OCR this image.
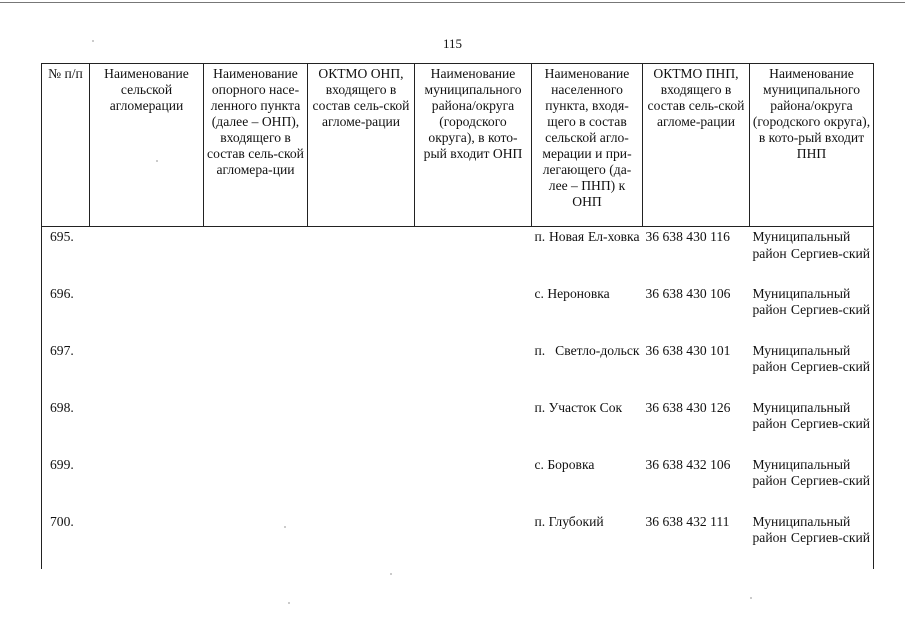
115
№ п/п	Наименование сельской агломерации	Наименование опорного насе-ленного пункта (далее – ОНП), входящего в состав сель-ской агломера-ции	ОКТМО ОНП, входящего в состав сель-ской агломе-рации	Наименование муниципального района/округа (городского округа), в кото-рый входит ОНП	Наименование населенного пункта, входя-щего в состав сельской агло-мерации и при-легающего (да-лее – ПНП) к ОНП	ОКТМО ПНП, входящего в состав сель-ской агломе-рации	Наименование муниципального района/округа (городского округа), в кото-рый входит ПНП
695.					п. Новая Ел-ховка	36 638 430 116	Муниципальный район Сергиев-ский
696.					с. Нероновка	36 638 430 106	Муниципальный район Сергиев-ский
697.					п. Светло-дольск	36 638 430 101	Муниципальный район Сергиев-ский
698.					п. Участок Сок	36 638 430 126	Муниципальный район Сергиев-ский
699.					с. Боровка	36 638 432 106	Муниципальный район Сергиев-ский
700.					п. Глубокий	36 638 432 111	Муниципальный район Сергиев-ский
